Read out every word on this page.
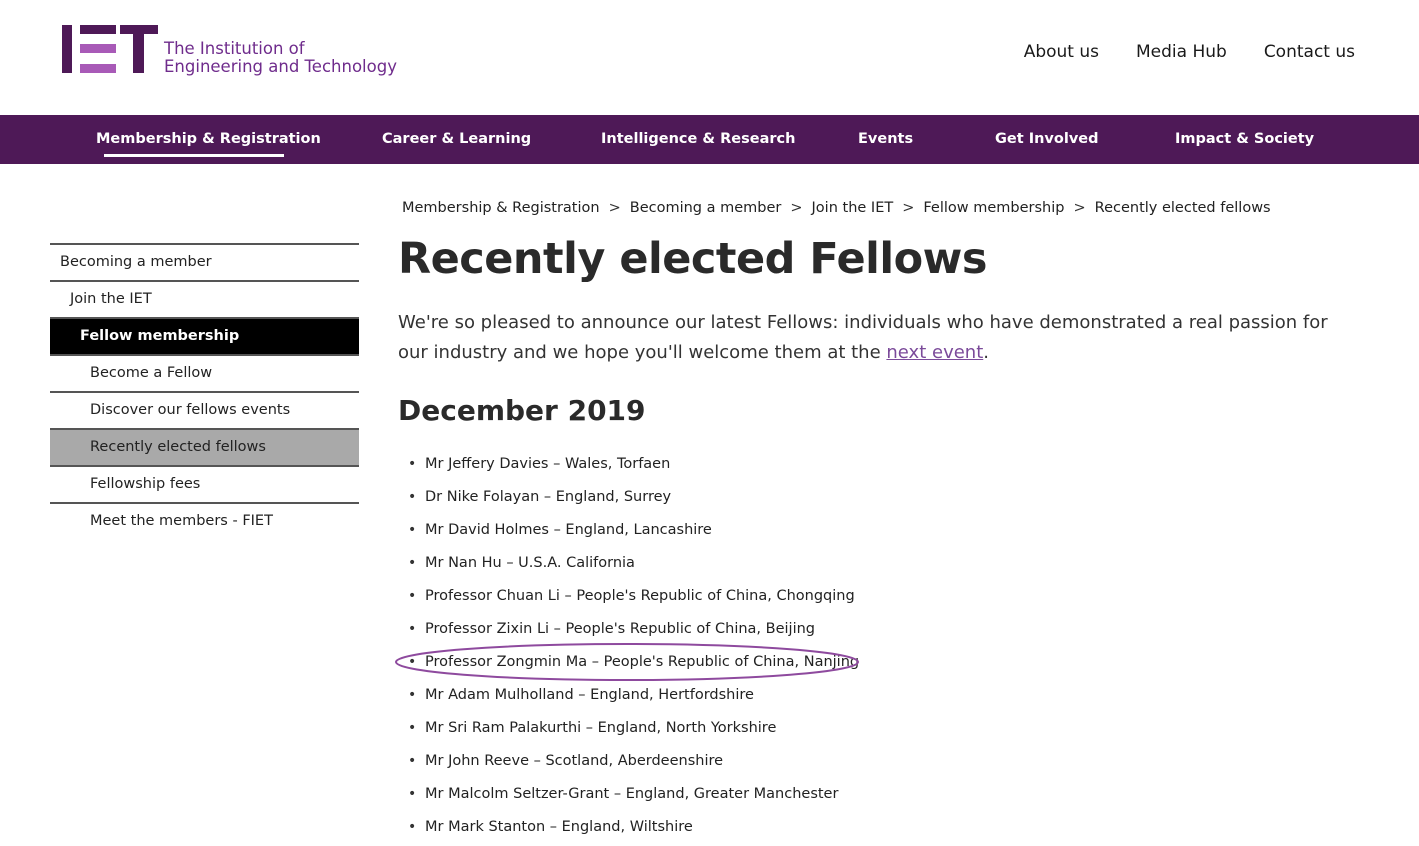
The Institution of
Engineering and Technology
About us Media Hub Contact us
Membership & Registration	Career & Learning	Intelligence & Research	Events	Get Involved	Impact & Society
Membership & Registration > Becoming a member > Join the IET > Fellow membership > Recently elected fellows
Becoming a member
Join the IET
Fellow membership
Become a Fellow
Discover our fellows events
Recently elected fellows
Fellowship fees
Meet the members - FIET
Recently elected Fellows

We're so pleased to announce our latest Fellows: individuals who have demonstrated a real passion for our industry and we hope you'll welcome them at the next event.

December 2019
• Mr Jeffery Davies – Wales, Torfaen
• Dr Nike Folayan – England, Surrey
• Mr David Holmes – England, Lancashire
• Mr Nan Hu – U.S.A. California
• Professor Chuan Li – People's Republic of China, Chongqing
• Professor Zixin Li – People's Republic of China, Beijing
• Professor Zongmin Ma – People's Republic of China, Nanjing
• Mr Adam Mulholland – England, Hertfordshire
• Mr Sri Ram Palakurthi – England, North Yorkshire
• Mr John Reeve – Scotland, Aberdeenshire
• Mr Malcolm Seltzer-Grant – England, Greater Manchester
• Mr Mark Stanton – England, Wiltshire
